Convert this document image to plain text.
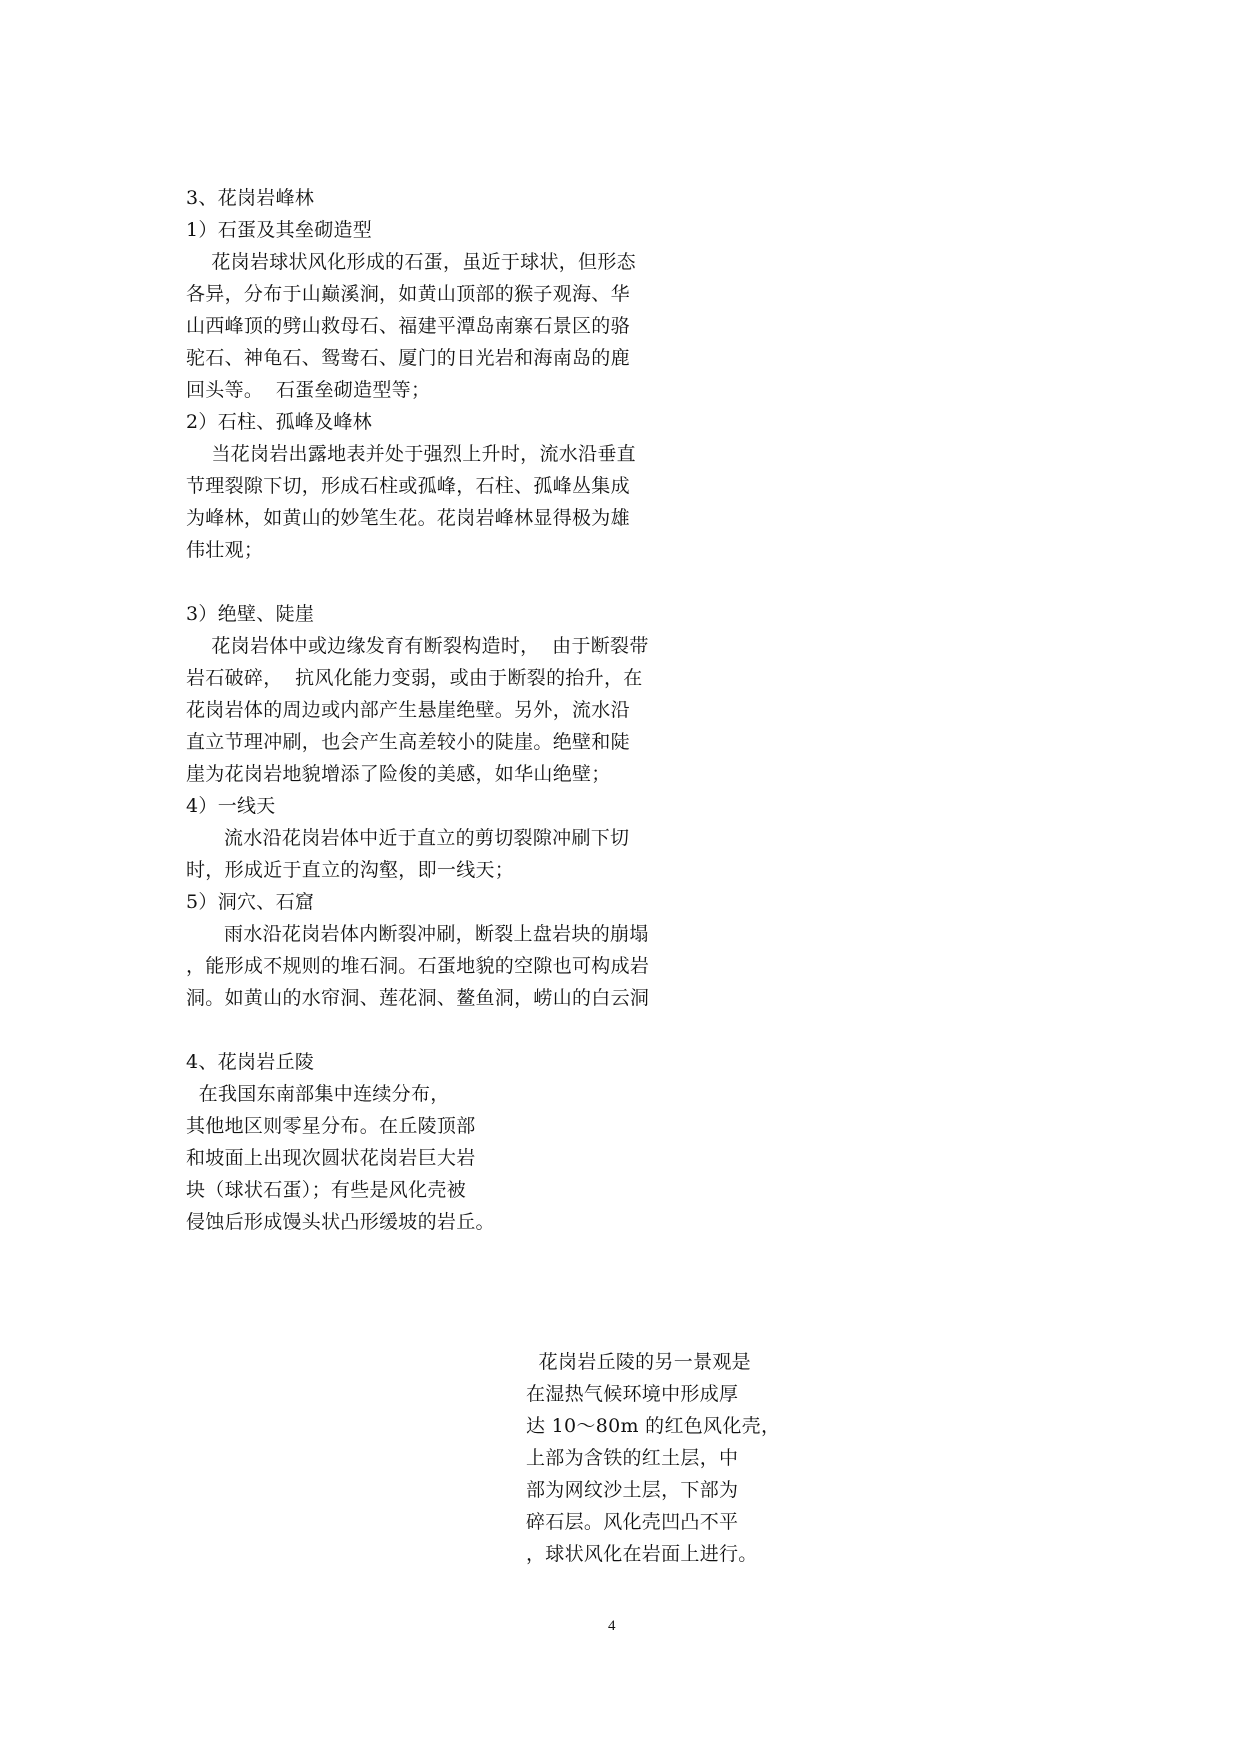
3、花岗岩峰林
1）石蛋及其垒砌造型
花岗岩球状风化形成的石蛋，虽近于球状，但形态
各异，分布于山巅溪涧，如黄山顶部的猴子观海、华
山西峰顶的劈山救母石、福建平潭岛南寨石景区的骆
驼石、神龟石、鸳鸯石、厦门的日光岩和海南岛的鹿
回头等。  石蛋垒砌造型等；
2）石柱、孤峰及峰林
当花岗岩出露地表并处于强烈上升时，流水沿垂直
节理裂隙下切，形成石柱或孤峰，石柱、孤峰丛集成
为峰林，如黄山的妙笔生花。花岗岩峰林显得极为雄
伟壮观；
3）绝壁、陡崖
花岗岩体中或边缘发育有断裂构造时，  由于断裂带
岩石破碎，  抗风化能力变弱，或由于断裂的抬升，在
花岗岩体的周边或内部产生悬崖绝壁。另外，流水沿
直立节理冲刷，也会产生高差较小的陡崖。绝壁和陡
崖为花岗岩地貌增添了险俊的美感，如华山绝壁；
4）一线天
流水沿花岗岩体中近于直立的剪切裂隙冲刷下切
时，形成近于直立的沟壑，即一线天；
5）洞穴、石窟
雨水沿花岗岩体内断裂冲刷，断裂上盘岩块的崩塌
，能形成不规则的堆石洞。石蛋地貌的空隙也可构成岩
洞。如黄山的水帘洞、莲花洞、鳌鱼洞，崂山的白云洞
4、花岗岩丘陵
在我国东南部集中连续分布，
其他地区则零星分布。在丘陵顶部
和坡面上出现次圆状花岗岩巨大岩
块（球状石蛋）；有些是风化壳被
侵蚀后形成馒头状凸形缓坡的岩丘。
花岗岩丘陵的另一景观是
在湿热气候环境中形成厚
达 10～80m 的红色风化壳，
上部为含铁的红土层，中
部为网纹沙土层，下部为
碎石层。风化壳凹凸不平
，球状风化在岩面上进行。
4
